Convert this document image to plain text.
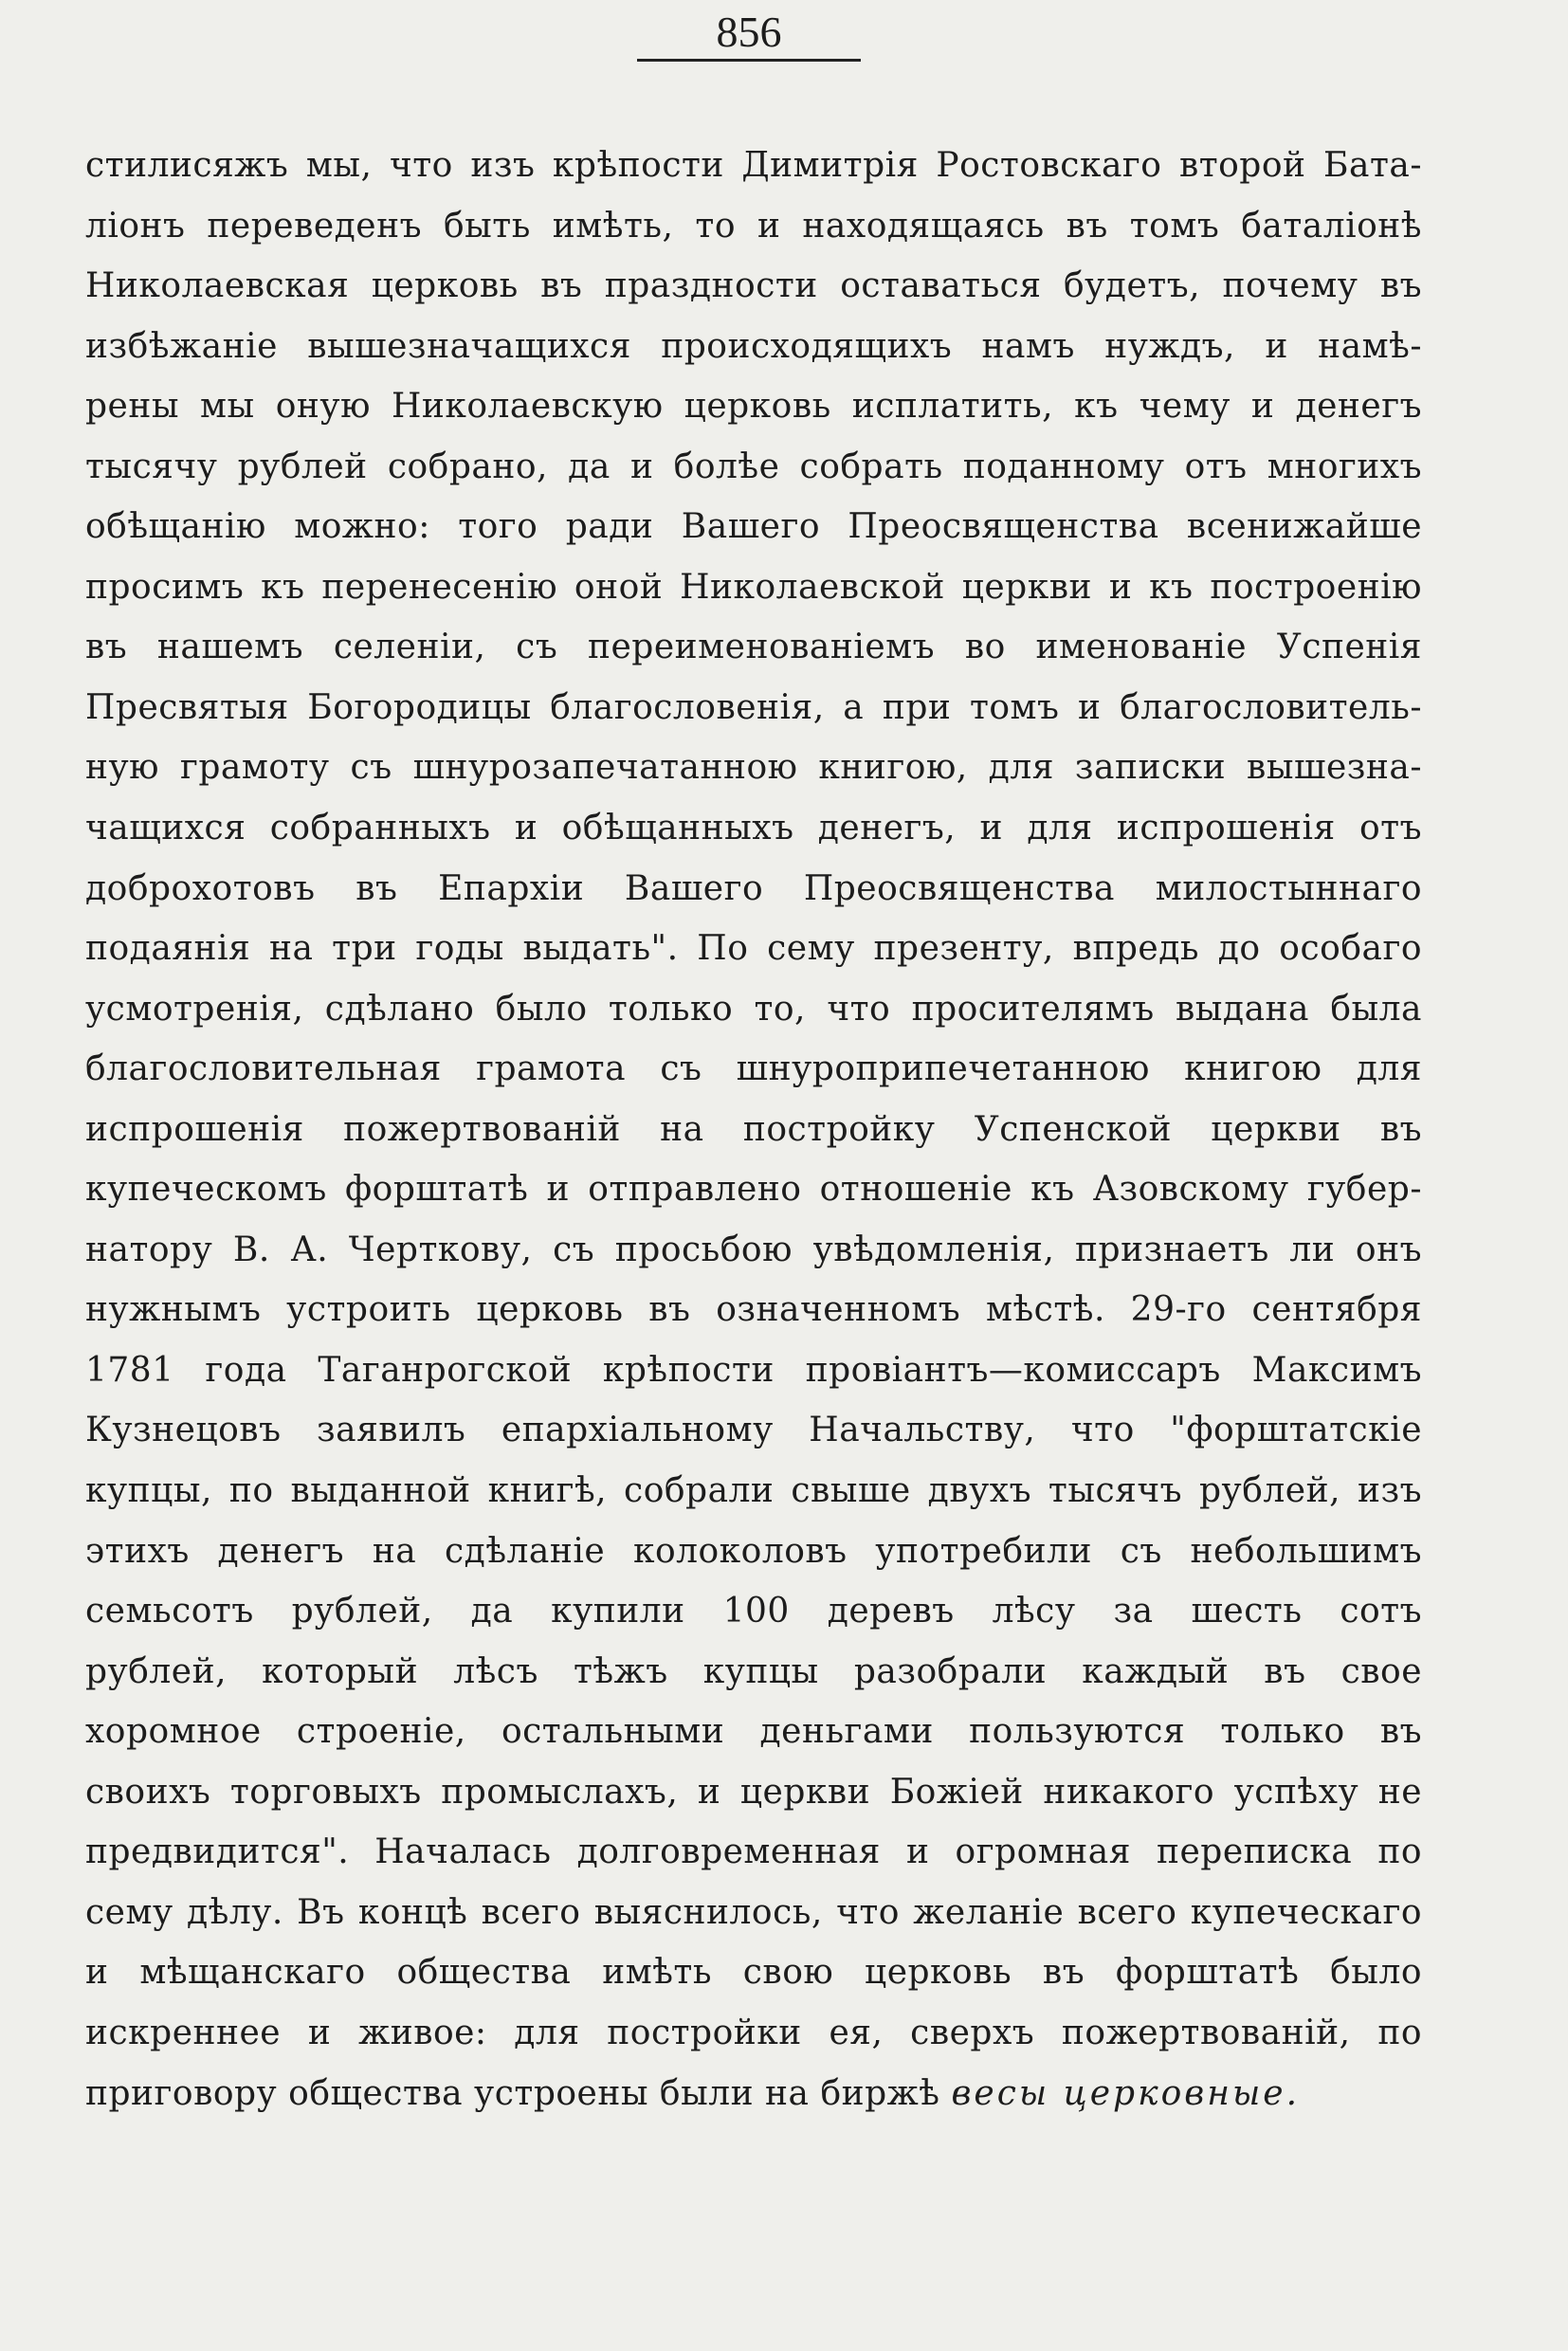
856
стилисяжъ мы, что изъ крѣпости Димитрія Ростовскаго второй Бата-
ліонъ переведенъ быть имѣть, то и находящаясь въ томъ баталіонѣ
Николаевская церковь въ праздности оставаться будетъ, почему въ
избѣжаніе вышезначащихся происходящихъ намъ нуждъ, и намѣ-
рены мы оную Николаевскую церковь исплатить, къ чему и денегъ
тысячу рублей собрано, да и болѣе собрать поданному отъ многихъ
обѣщанію можно: того ради Вашего Преосвященства всенижайше
просимъ къ перенесенію оной Николаевской церкви и къ построенію
въ нашемъ селеніи, съ переименованіемъ во именованіе Успенія
Пресвятыя Богородицы благословенія, а при томъ и благословитель-
ную грамоту съ шнурозапечатанною книгою, для записки вышезна-
чащихся собранныхъ и обѣщанныхъ денегъ, и для испрошенія отъ
доброхотовъ въ Епархіи Вашего Преосвященства милостыннаго
подаянія на три годы выдать". По сему презенту, впредь до особагo
усмотренія, сдѣлано было только то, что просителямъ выдана была
благословительная грамота съ шнуроприпечетанною книгою для
испрошенія пожертвованій на постройку Успенской церкви въ
купеческомъ форштатѣ и отправлено отношеніе къ Азовскому губер-
натору В. А. Черткову, съ просьбою увѣдомленія, признаетъ ли онъ
нужнымъ устроить церковь въ означенномъ мѣстѣ. 29-го сентября
1781 года Таганрогской крѣпости провіантъ—комиссаръ Максимъ
Кузнецовъ заявилъ епархіальному Начальству, что "форштатскіе
купцы, по выданной книгѣ, собрали свыше двухъ тысячъ рублей, изъ
этихъ денегъ на сдѣланіе колоколовъ употребили съ небольшимъ
семьсотъ рублей, да купили 100 деревъ лѣсу за шесть сотъ
рублей, который лѣсъ тѣжъ купцы разобрали каждый въ свое
хоромное строеніе, остальными деньгами пользуются только въ
своихъ торговыхъ промыслахъ, и церкви Божіей никакого успѣху не
предвидится". Началась долговременная и огромная переписка по
сему дѣлу. Въ концѣ всего выяснилось, что желаніе всего купеческагo
и мѣщанскаго общества имѣть свою церковь въ форштатѣ было
искреннее и живое: для постройки ея, сверхъ пожертвованій, по
приговору общества устроены были на биржѣ весы церковные.
